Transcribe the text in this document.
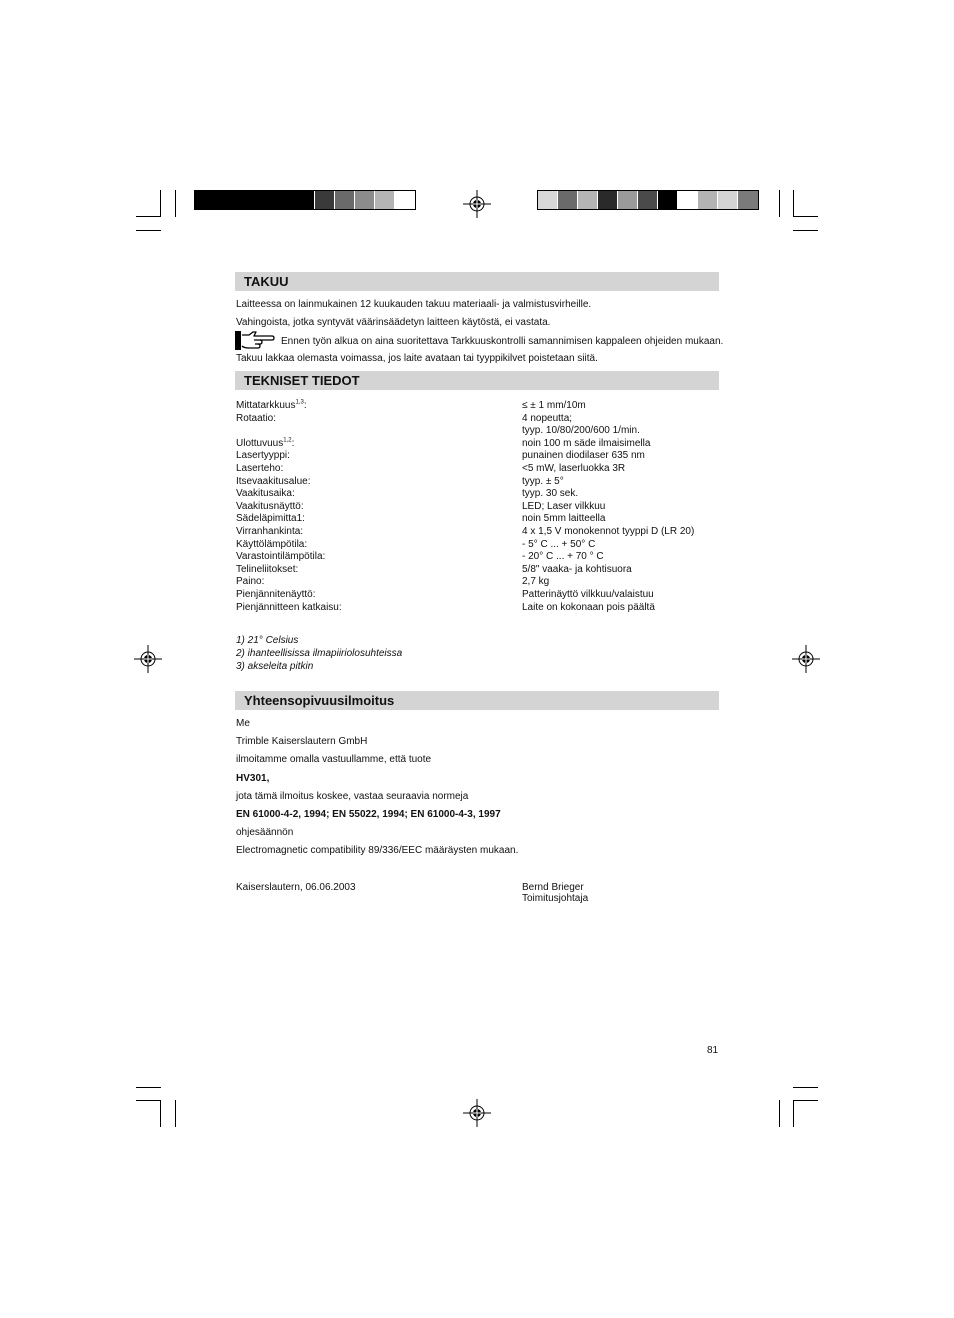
TAKUU
Laitteessa on lainmukainen 12 kuukauden takuu materiaali- ja valmistusvirheille.
Vahingoista, jotka syntyvät väärinsäädetyn laitteen käytöstä, ei vastata.
Ennen työn alkua on aina suoritettava Tarkkuuskontrolli samannimisen kappaleen ohjeiden mukaan.
Takuu lakkaa olemasta voimassa, jos laite avataan tai tyyppikilvet poistetaan siitä.
TEKNISET TIEDOT
Mittatarkkuus$^{1,3}$:	≤ ± 1 mm/10m
Rotaatio:	4 nopeutta;
tyyp. 10/80/200/600 1/min.
Ulottuvuus$^{1,2}$:	noin 100 m säde ilmaisimella
Lasertyyppi:	punainen diodilaser 635 nm
Laserteho:	<5 mW, laserluokka 3R
Itsevaakitusalue:	tyyp. ± 5°
Vaakitusaika:	tyyp. 30 sek.
Vaakitusnäyttö:	LED; Laser vilkkuu
Sädeläpimitta1:	noin 5mm laitteella
Virranhankinta:	4 x 1,5 V monokennot tyyppi D (LR 20)
Käyttölämpötila:	- 5° C ... + 50° C
Varastointilämpötila:	- 20° C ... + 70 ° C
Telineliitokset:	5/8" vaaka- ja kohtisuora
Paino:	2,7 kg
Pienjännitenäyttö:	Patterinäyttö vilkkuu/valaistuu
Pienjännitteen katkaisu:	Laite on kokonaan pois päältä
1) 21° Celsius
2) ihanteellisissa ilmapiiriolosuhteissa
3) akseleita pitkin
Yhteensopivuusilmoitus
Me
Trimble Kaiserslautern GmbH
ilmoitamme omalla vastuullamme, että tuote
HV301,
jota tämä ilmoitus koskee, vastaa seuraavia normeja
EN 61000-4-2, 1994; EN 55022, 1994; EN 61000-4-3, 1997
ohjesäännön
Electromagnetic compatibility 89/336/EEC määräysten mukaan.
Kaiserslautern, 06.06.2003	Bernd Brieger
Toimitusjohtaja
81
